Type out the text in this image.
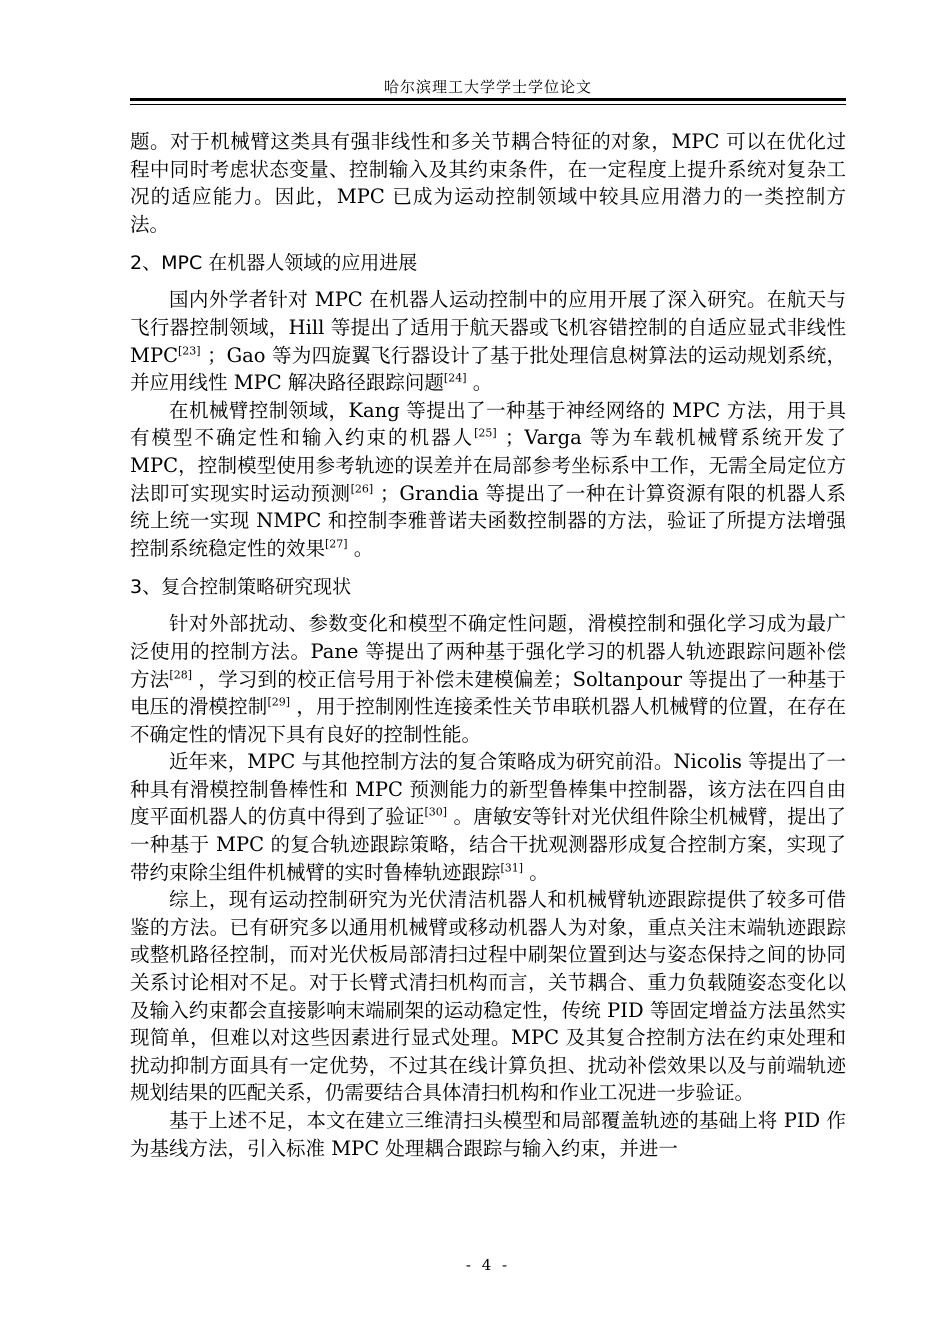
哈尔滨理工大学学士学位论文

题。对于机械臂这类具有强非线性和多关节耦合特征的对象，MPC 可以在优化过程中同时考虑状态变量、控制输入及其约束条件，在一定程度上提升系统对复杂工况的适应能力。因此，MPC 已成为运动控制领域中较具应用潜力的一类控制方法。

2、MPC 在机器人领域的应用进展

国内外学者针对 MPC 在机器人运动控制中的应用开展了深入研究。在航天与飞行器控制领域，Hill 等提出了适用于航天器或飞机容错控制的自适应显式非线性 MPC[23] ；Gao 等为四旋翼飞行器设计了基于批处理信息树算法的运动规划系统，并应用线性 MPC 解决路径跟踪问题[24] 。

在机械臂控制领域，Kang 等提出了一种基于神经网络的 MPC 方法，用于具有模型不确定性和输入约束的机器人[25] ；Varga 等为车载机械臂系统开发了 MPC，控制模型使用参考轨迹的误差并在局部参考坐标系中工作，无需全局定位方法即可实现实时运动预测[26] ；Grandia 等提出了一种在计算资源有限的机器人系统上统一实现 NMPC 和控制李雅普诺夫函数控制器的方法，验证了所提方法增强控制系统稳定性的效果[27] 。

3、复合控制策略研究现状

针对外部扰动、参数变化和模型不确定性问题，滑模控制和强化学习成为最广泛使用的控制方法。Pane 等提出了两种基于强化学习的机器人轨迹跟踪问题补偿方法[28] ，学习到的校正信号用于补偿未建模偏差；Soltanpour 等提出了一种基于电压的滑模控制[29] ，用于控制刚性连接柔性关节串联机器人机械臂的位置，在存在不确定性的情况下具有良好的控制性能。

近年来，MPC 与其他控制方法的复合策略成为研究前沿。Nicolis 等提出了一种具有滑模控制鲁棒性和 MPC 预测能力的新型鲁棒集中控制器，该方法在四自由度平面机器人的仿真中得到了验证[30] 。唐敏安等针对光伏组件除尘机械臂，提出了一种基于 MPC 的复合轨迹跟踪策略，结合干扰观测器形成复合控制方案，实现了带约束除尘组件机械臂的实时鲁棒轨迹跟踪[31] 。

综上，现有运动控制研究为光伏清洁机器人和机械臂轨迹跟踪提供了较多可借鉴的方法。已有研究多以通用机械臂或移动机器人为对象，重点关注末端轨迹跟踪或整机路径控制，而对光伏板局部清扫过程中刷架位置到达与姿态保持之间的协同关系讨论相对不足。对于长臂式清扫机构而言，关节耦合、重力负载随姿态变化以及输入约束都会直接影响末端刷架的运动稳定性，传统 PID 等固定增益方法虽然实现简单，但难以对这些因素进行显式处理。MPC 及其复合控制方法在约束处理和扰动抑制方面具有一定优势，不过其在线计算负担、扰动补偿效果以及与前端轨迹规划结果的匹配关系，仍需要结合具体清扫机构和作业工况进一步验证。

基于上述不足，本文在建立三维清扫头模型和局部覆盖轨迹的基础上将 PID 作为基线方法，引入标准 MPC 处理耦合跟踪与输入约束，并进一

- 4 -
